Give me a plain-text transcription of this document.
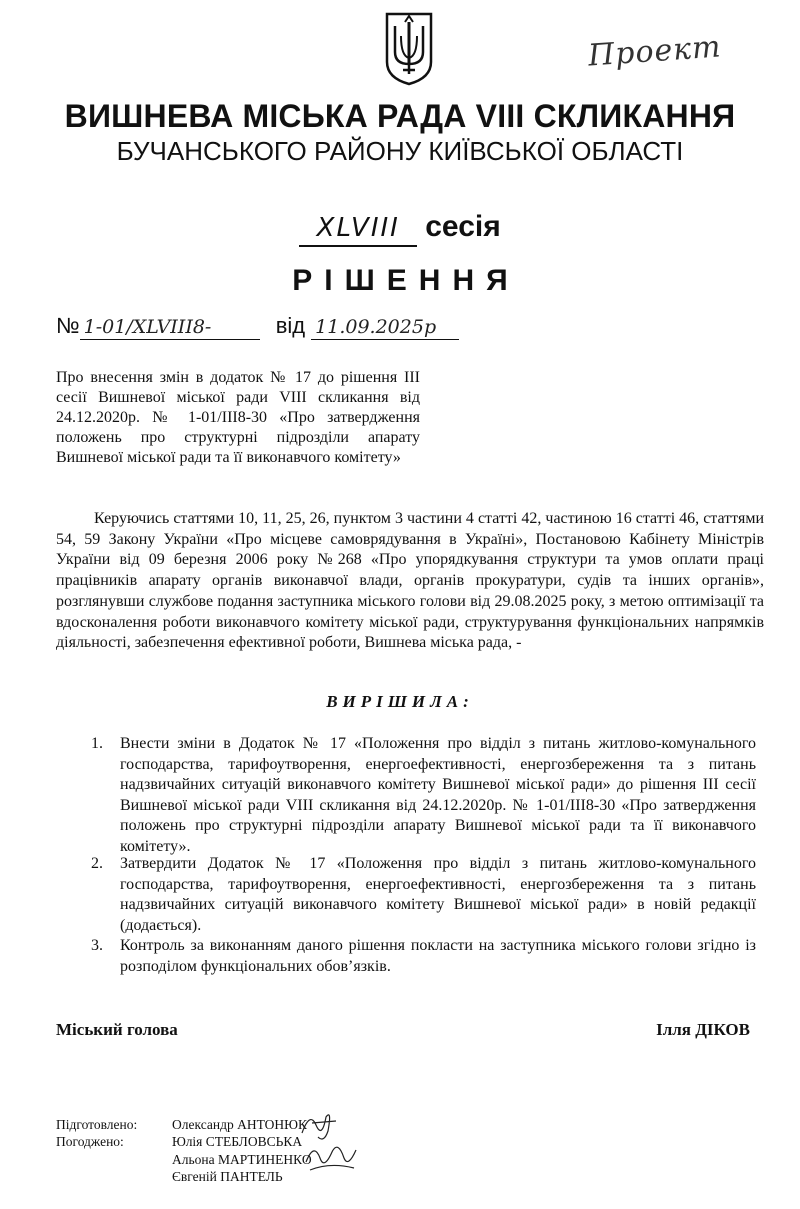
Проект
ВИШНЕВА МІСЬКА РАДА VIII СКЛИКАННЯ
БУЧАНСЬКОГО РАЙОНУ КИЇВСЬКОЇ ОБЛАСТІ
XLVIII сесія
РІШЕННЯ
№ 1-01/XLVIII8-	від 11.09.2025р
Про внесення змін в додаток № 17 до рішення III сесії Вишневої міської ради VIII скликання від 24.12.2020р. № 1-01/III8-30 «Про затвердження положень про структурні підрозділи апарату Вишневої міської ради та її виконавчого комітету»
Керуючись статтями 10, 11, 25, 26, пунктом 3 частини 4 статті 42, частиною 16 статті 46, статтями 54, 59 Закону України «Про місцеве самоврядування в Україні», Постановою Кабінету Міністрів України від 09 березня 2006 року №268 «Про упорядкування структури та умов оплати праці працівників апарату органів виконавчої влади, органів прокуратури, судів та інших органів», розглянувши службове подання заступника міського голови від 29.08.2025 року, з метою оптимізації та вдосконалення роботи виконавчого комітету міської ради, структурування функціональних напрямків діяльності, забезпечення ефективної роботи, Вишнева міська рада, -
ВИРІШИЛА:
1. Внести зміни в Додаток № 17 «Положення про відділ з питань житлово-комунального господарства, тарифоутворення, енергоефективності, енергозбереження та з питань надзвичайних ситуацій виконавчого комітету Вишневої міської ради» до рішення III сесії Вишневої міської ради VIII скликання від 24.12.2020р. № 1-01/III8-30 «Про затвердження положень про структурні підрозділи апарату Вишневої міської ради та її виконавчого комітету».
2. Затвердити Додаток № 17 «Положення про відділ з питань житлово-комунального господарства, тарифоутворення, енергоефективності, енергозбереження та з питань надзвичайних ситуацій виконавчого комітету Вишневої міської ради» в новій редакції (додається).
3. Контроль за виконанням даного рішення покласти на заступника міського голови згідно із розподілом функціональних обов’язків.
Міський голова	Ілля ДІКОВ
Підготовлено:	Олександр АНТОНЮК
Погоджено:	Юлія СТЕБЛОВСЬКА
Альона МАРТИНЕНКО
Євгеній ПАНТЕЛЬ
